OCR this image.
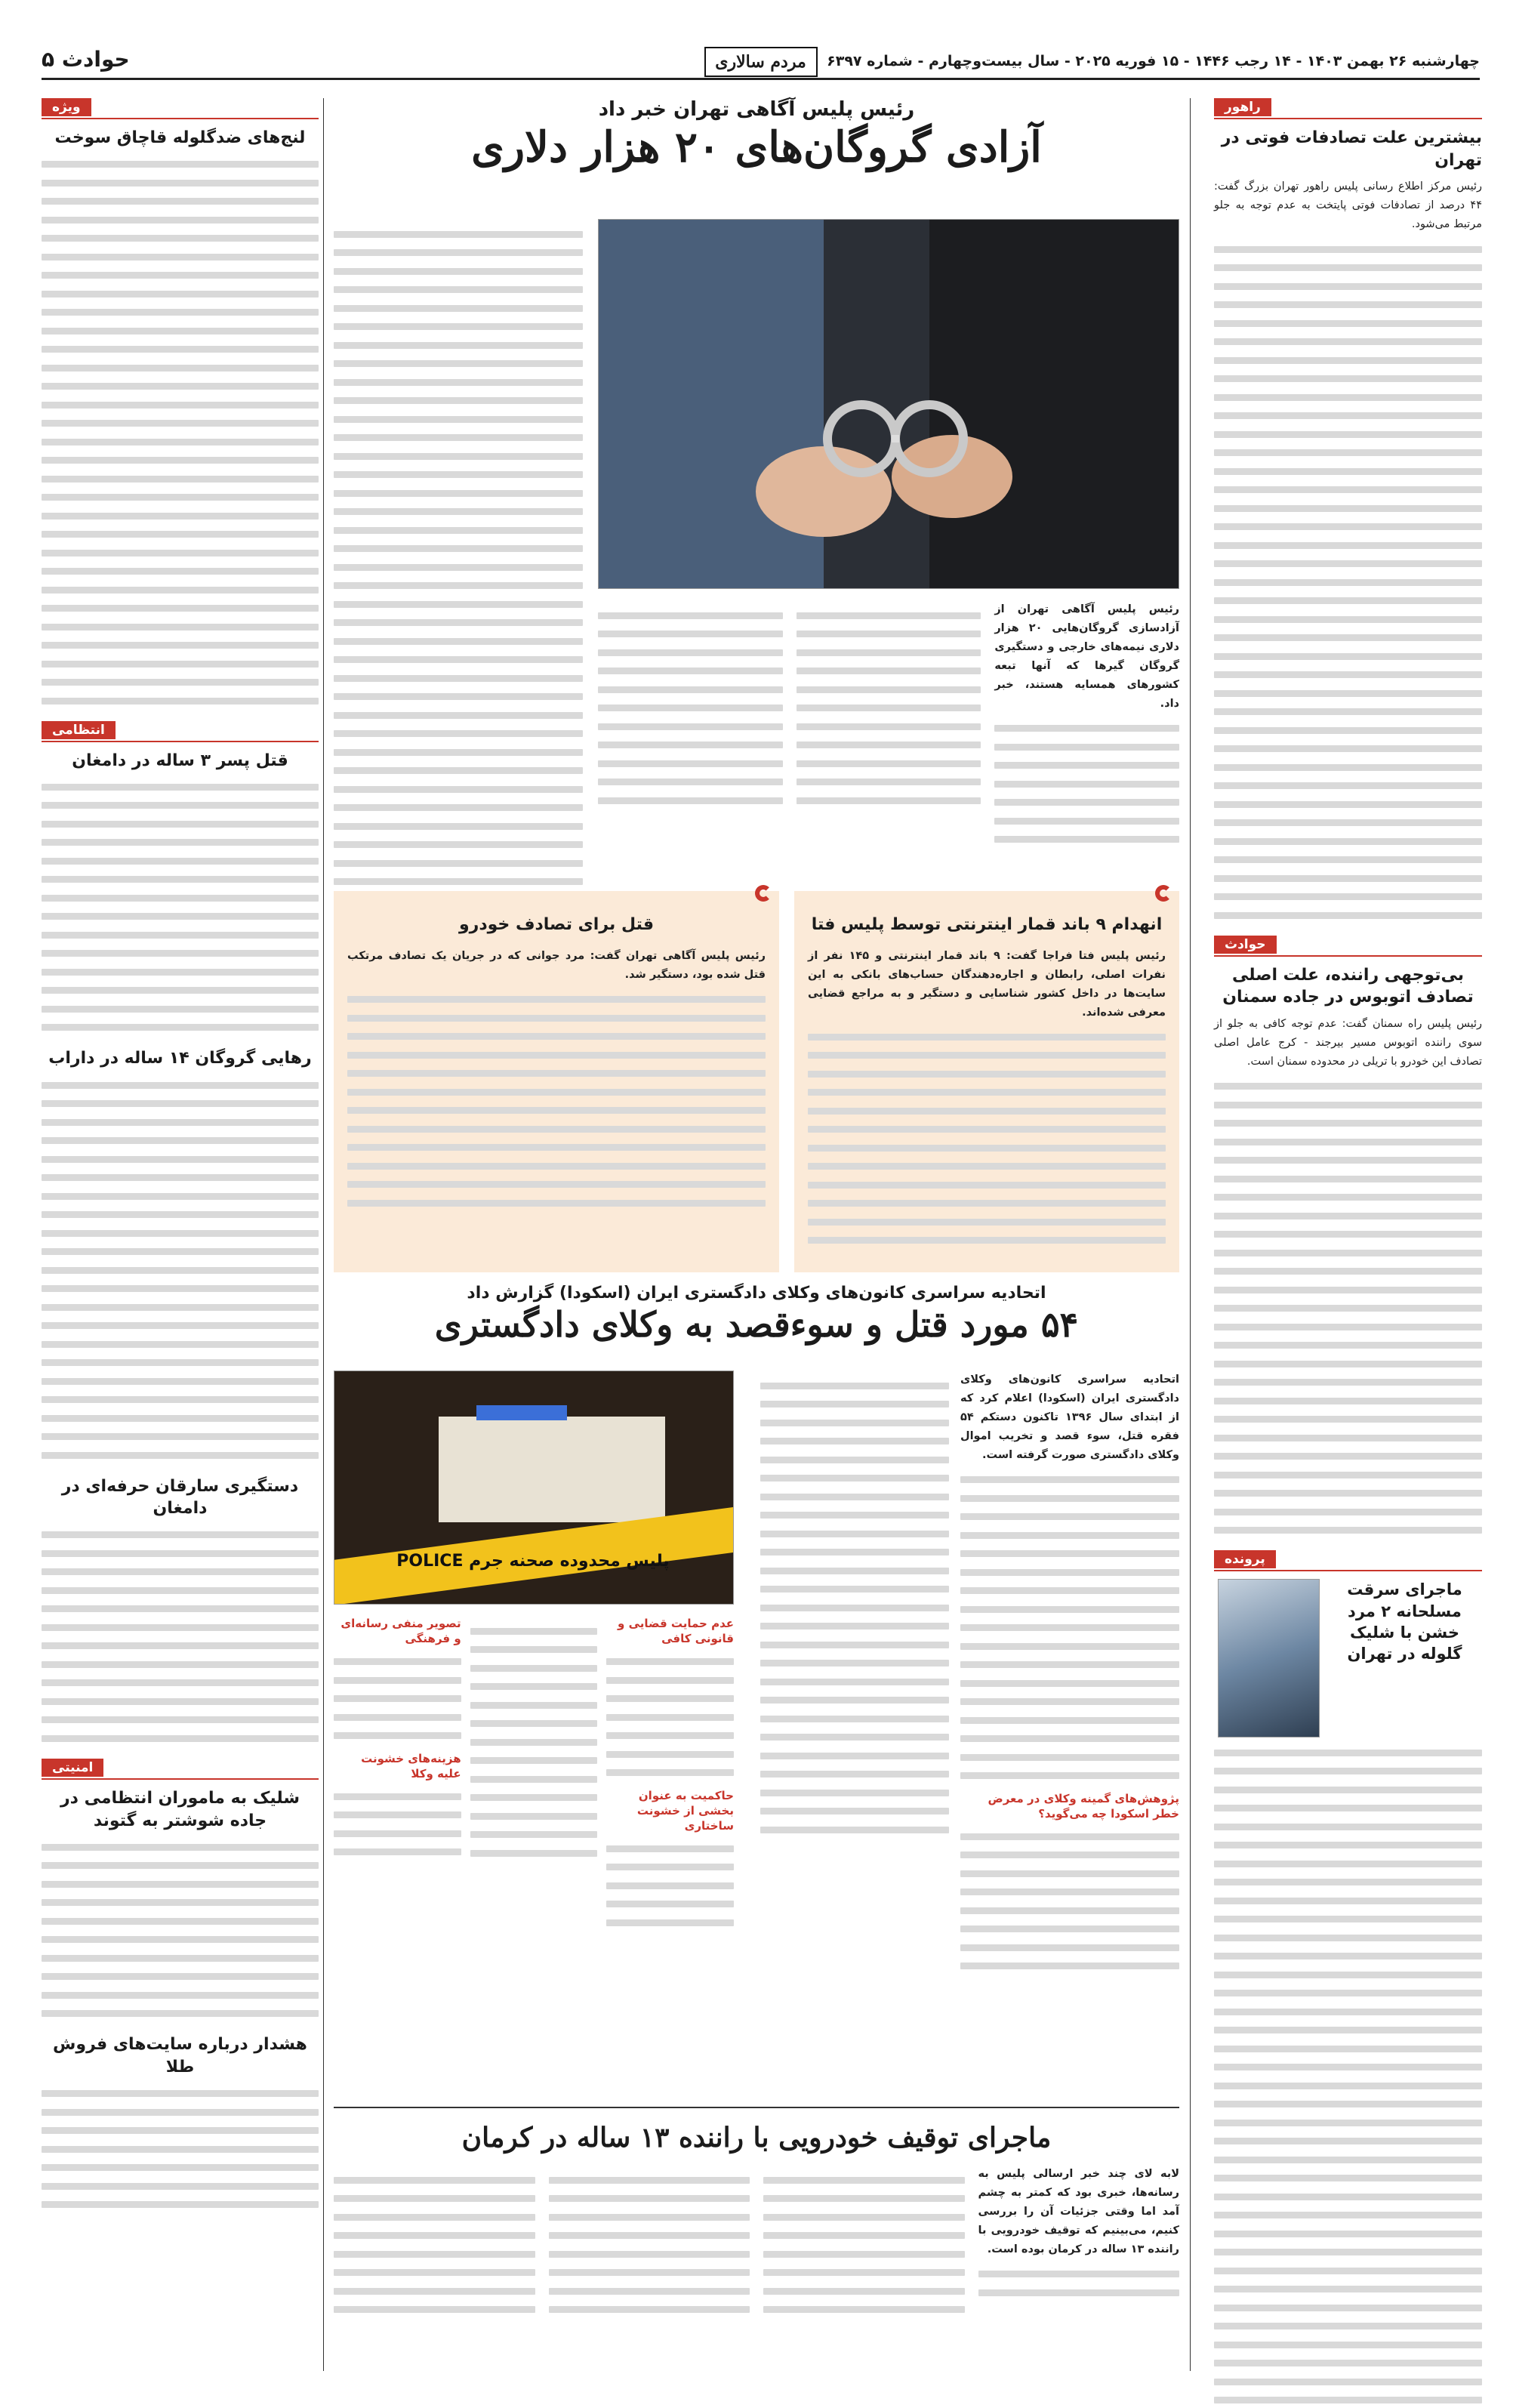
چهارشنبه ۲۶ بهمن ۱۴۰۳ - ۱۴ رجب ۱۴۴۶ - ۱۵ فوریه ۲۰۲۵ - سال بیست‌وچهارم - شماره ۶۳۹۷
مردم سالاری
حوادث ۵
راهور
بیشترین علت تصادفات فوتی در تهران
رئیس مرکز اطلاع رسانی پلیس راهور تهران بزرگ گفت: ۴۴ درصد از تصادفات فوتی پایتخت به عدم توجه به جلو مرتبط می‌شود.
حوادث
بی‌توجهی راننده، علت اصلی تصادف اتوبوس در جاده سمنان
رئیس پلیس راه سمنان گفت: عدم توجه کافی به جلو از سوی راننده اتوبوس مسیر بیرجند - کرج عامل اصلی تصادف این خودرو با تریلی در محدوده سمنان است.
پرونده
ماجرای سرقت مسلحانه ۲ مرد خشن با شلیک گلوله در تهران
ویژه
لنج‌های ضدگلوله قاچاق سوخت
انتظامی
قتل پسر ۳ ساله در دامغان
رهایی گروگان ۱۴ ساله در داراب
دستگیری سارقان حرفه‌ای در دامغان
امنیتی
شلیک به ماموران انتظامی در جاده شوشتر به گتوند
هشدار درباره سایت‌های فروش طلا
رئیس پلیس آگاهی تهران خبر داد
آزادی گروگان‌های ۲۰ هزار دلاری
رئیس پلیس آگاهی تهران از آزادسازی گروگان‌هایی ۲۰ هزار دلاری نیمه‌های خارجی و دستگیری گروگان گیرها که آنها تبعه کشورهای همسایه هستند، خبر داد.
انهدام ۹ باند قمار اینترنتی توسط پلیس فتا
رئیس پلیس فتا فراجا گفت: ۹ باند قمار اینترنتی و ۱۴۵ نفر از نفرات اصلی، رابطان و اجاره‌دهندگان حساب‌های بانکی به این سایت‌ها در داخل کشور شناسایی و دستگیر و به مراجع قضایی معرفی شده‌اند.
قتل برای تصادف خودرو
رئیس پلیس آگاهی تهران گفت: مرد جوانی که در جریان یک تصادف مرتکب قتل شده بود، دستگیر شد.
اتحادیه سراسری کانون‌های وکلای دادگستری ایران (اسکودا) گزارش داد
۵۴ مورد قتل و سوءقصد به وکلای دادگستری
اتحادیه سراسری کانون‌های وکلای دادگستری ایران (اسکودا) اعلام کرد که از ابتدای سال ۱۳۹۶ تاکنون دستکم ۵۴ فقره قتل، سوء قصد و تخریب اموال وکلای دادگستری صورت گرفته است.
پژوهش‌های گمینه وکلای در معرض خطر اسکودا چه می‌گوید؟
پلیس محدوده صحنه جرم POLICE
عدم حمایت قضایی و قانونی کافی
حاکمیت به عنوان بخشی از خشونت ساختاری
تصویر منفی رسانه‌ای و فرهنگی
هزینه‌های خشونت علیه وکلا
ماجرای توقیف خودرویی با راننده ۱۳ ساله در کرمان
لابه لای چند خبر ارسالی پلیس به رسانه‌ها، خبری بود که کمتر به چشم آمد اما وقتی جزئیات آن را بررسی کنیم، می‌بینیم که توقیف خودرویی با راننده ۱۳ ساله در کرمان بوده است.
